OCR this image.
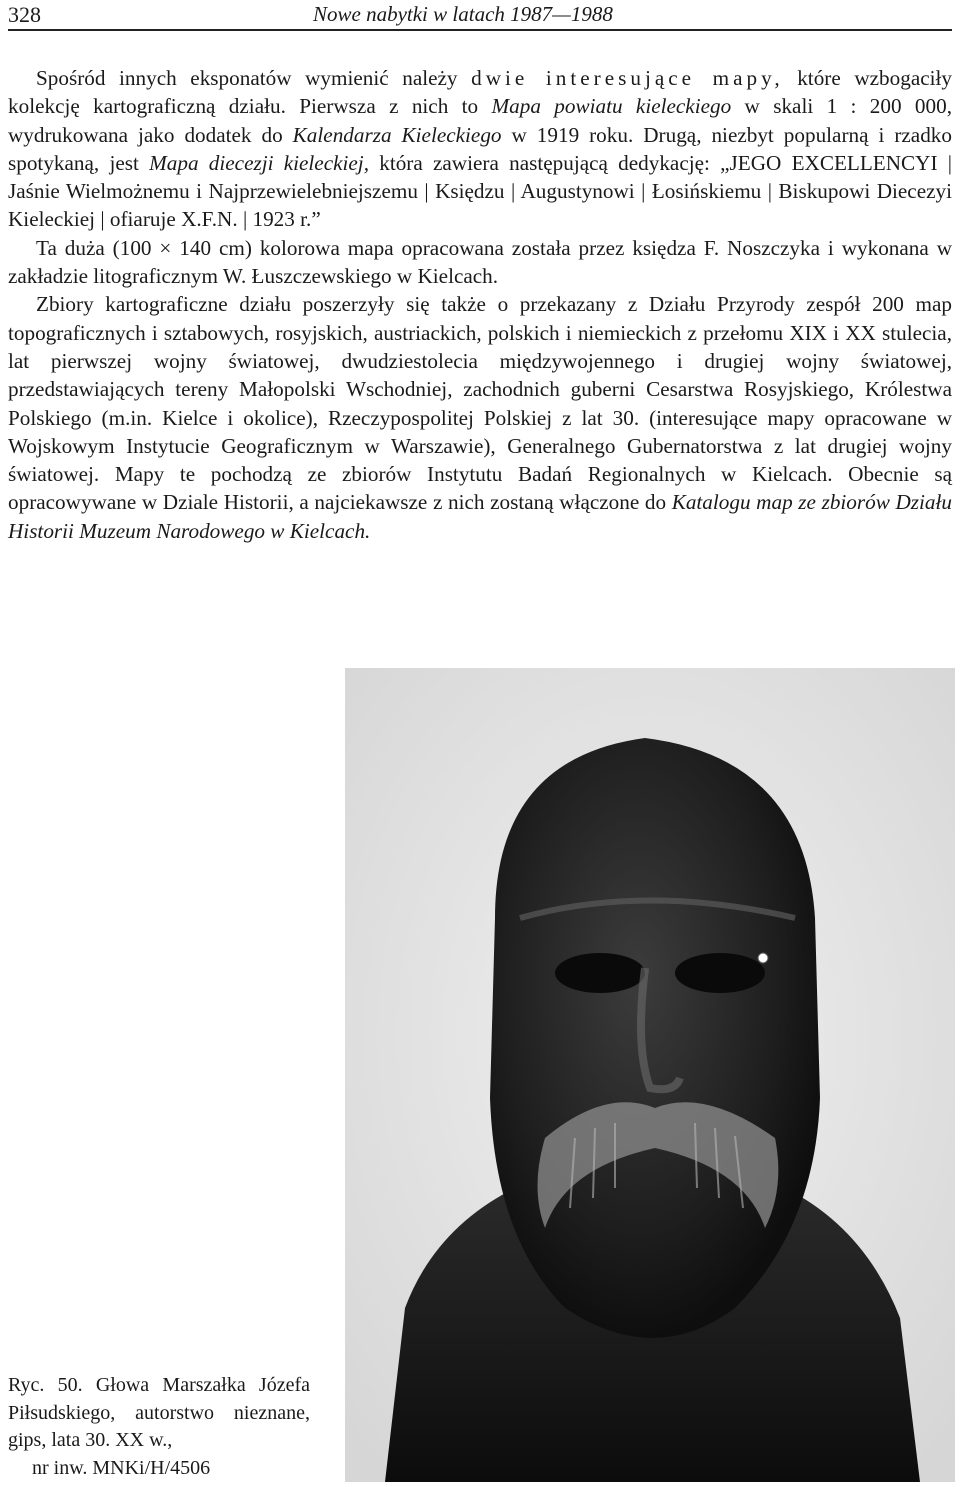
328	Nowe nabytki w latach 1987—1988

Spośród innych eksponatów wymienić należy dwie interesujące mapy, które wzbogaciły kolekcję kartograficzną działu. Pierwsza z nich to Mapa powiatu kieleckiego w skali 1 : 200 000, wydrukowana jako dodatek do Kalendarza Kieleckiego w 1919 roku. Drugą, niezbyt popularną i rzadko spotykaną, jest Mapa diecezji kieleckiej, która zawiera następującą dedykację: „JEGO EXCELLENCYI | Jaśnie Wielmożnemu i Najprzewielebniejszemu | Księdzu | Augustynowi | Łosińskiemu | Biskupowi Diecezyi Kieleckiej | ofiaruje X.F.N. | 1923 r.”

Ta duża (100 × 140 cm) kolorowa mapa opracowana została przez księdza F. Noszczyka i wykonana w zakładzie litograficznym W. Łuszczewskiego w Kielcach.

Zbiory kartograficzne działu poszerzyły się także o przekazany z Działu Przyrody zespół 200 map topograficznych i sztabowych, rosyjskich, austriackich, polskich i niemieckich z przełomu XIX i XX stulecia, lat pierwszej wojny światowej, dwudziestolecia międzywojennego i drugiej wojny światowej, przedstawiających tereny Małopolski Wschodniej, zachodnich guberni Cesarstwa Rosyjskiego, Królestwa Polskiego (m.in. Kielce i okolice), Rzeczypospolitej Polskiej z lat 30. (interesujące mapy opracowane w Wojskowym Instytucie Geograficznym w Warszawie), Generalnego Gubernatorstwa z lat drugiej wojny światowej. Mapy te pochodzą ze zbiorów Instytutu Badań Regionalnych w Kielcach. Obecnie są opracowywane w Dziale Historii, a najciekawsze z nich zostaną włączone do Katalogu map ze zbiorów Działu Historii Muzeum Narodowego w Kielcach.

Ryc. 50. Głowa Marszałka Józefa Piłsudskiego, autorstwo nieznane, gips, lata 30. XX w.,
nr inw. MNKi/H/4506
